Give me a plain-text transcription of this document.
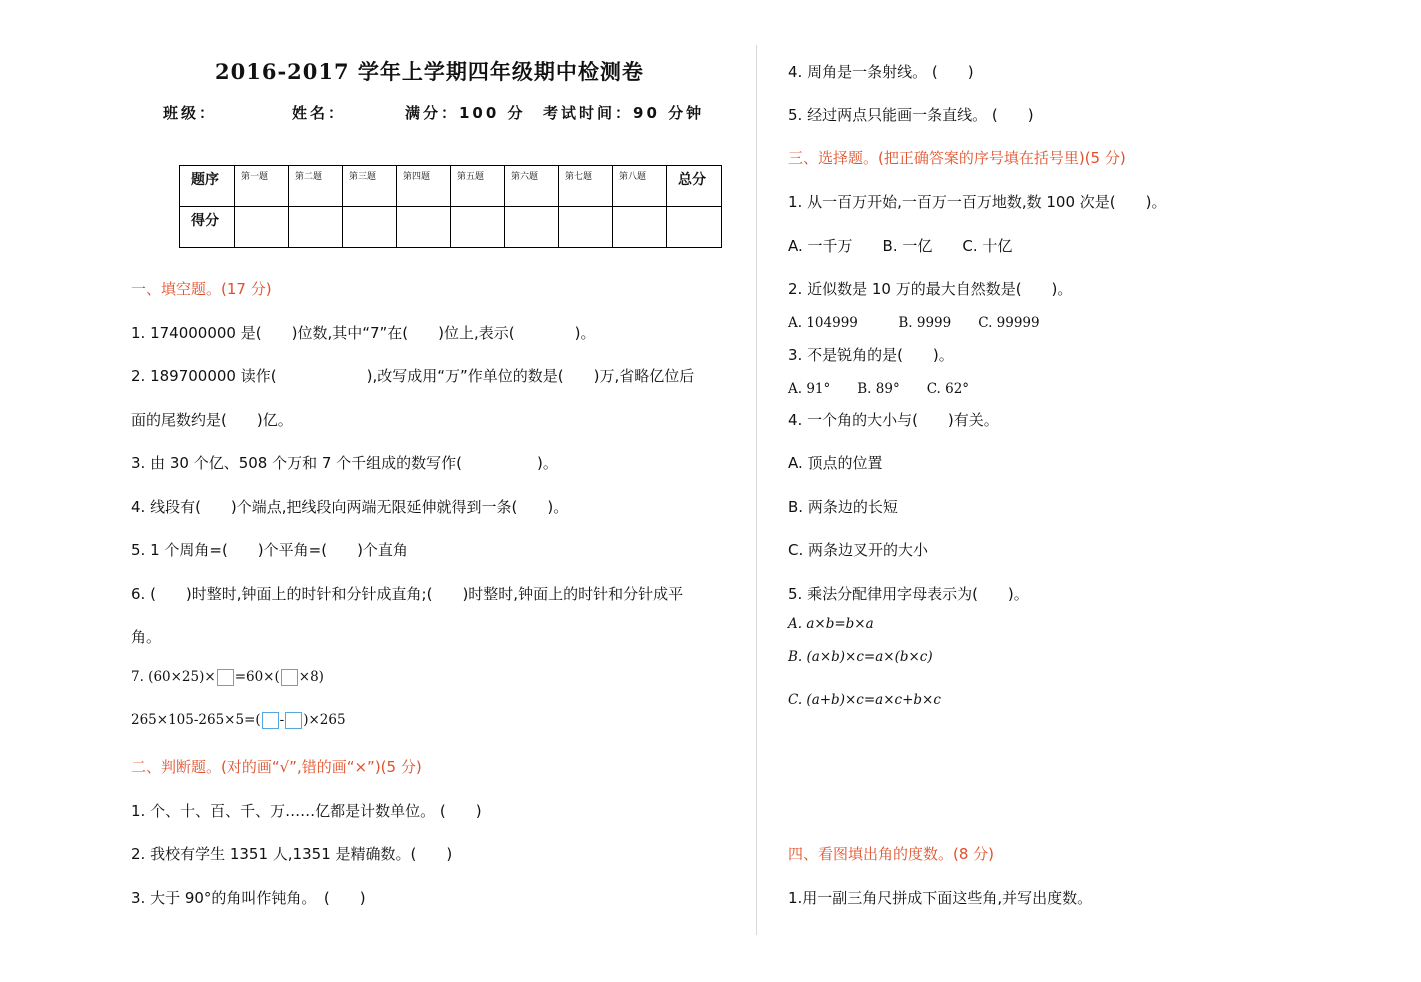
2016-2017 学年上学期四年级期中检测卷
班级：	姓名：	满分：100 分 考试时间：90 分钟
题序	第一题	第二题	第三题	第四题	第五题	第六题	第七题	第八题	总分
得分									
一、填空题。(17 分)
1. 174000000 是(　　)位数,其中“7”在(　　)位上,表示(　　　　)。
2. 189700000 读作(　　　　　　),改写成用“万”作单位的数是(　　)万,省略亿位后
面的尾数约是(　　)亿。
3. 由 30 个亿、508 个万和 7 个千组成的数写作(　　　　　)。
4. 线段有(　　)个端点,把线段向两端无限延伸就得到一条(　　)。
5. 1 个周角=(　　)个平角=(　　)个直角
6. (　　)时整时,钟面上的时针和分针成直角;(　　)时整时,钟面上的时针和分针成平
角。
7. (60×25)× =60×( ×8)
265×105-265×5=( - )×265
二、判断题。(对的画“√”,错的画“×”)(5 分)
1. 个、十、百、千、万……亿都是计数单位。 (　　)
2. 我校有学生 1351 人,1351 是精确数。(　　)
3. 大于 90°的角叫作钝角。　(　　)
4. 周角是一条射线。 (　　)
5. 经过两点只能画一条直线。 (　　)
三、选择题。(把正确答案的序号填在括号里)(5 分)
1. 从一百万开始,一百万一百万地数,数 100 次是(　　)。
A. 一千万　　B. 一亿　　C. 十亿
2. 近似数是 10 万的最大自然数是(　　)。
A. 104999　　　B. 9999　　C. 99999
3. 不是锐角的是(　　)。
A. 91°　　B. 89°　　C. 62°
4. 一个角的大小与(　　)有关。
A. 顶点的位置
B. 两条边的长短
C. 两条边叉开的大小
5. 乘法分配律用字母表示为(　　)。
A. a×b=b×a
B. (a×b)×c=a×(b×c)
C. (a+b)×c=a×c+b×c
四、看图填出角的度数。(8 分)
1.用一副三角尺拼成下面这些角,并写出度数。
